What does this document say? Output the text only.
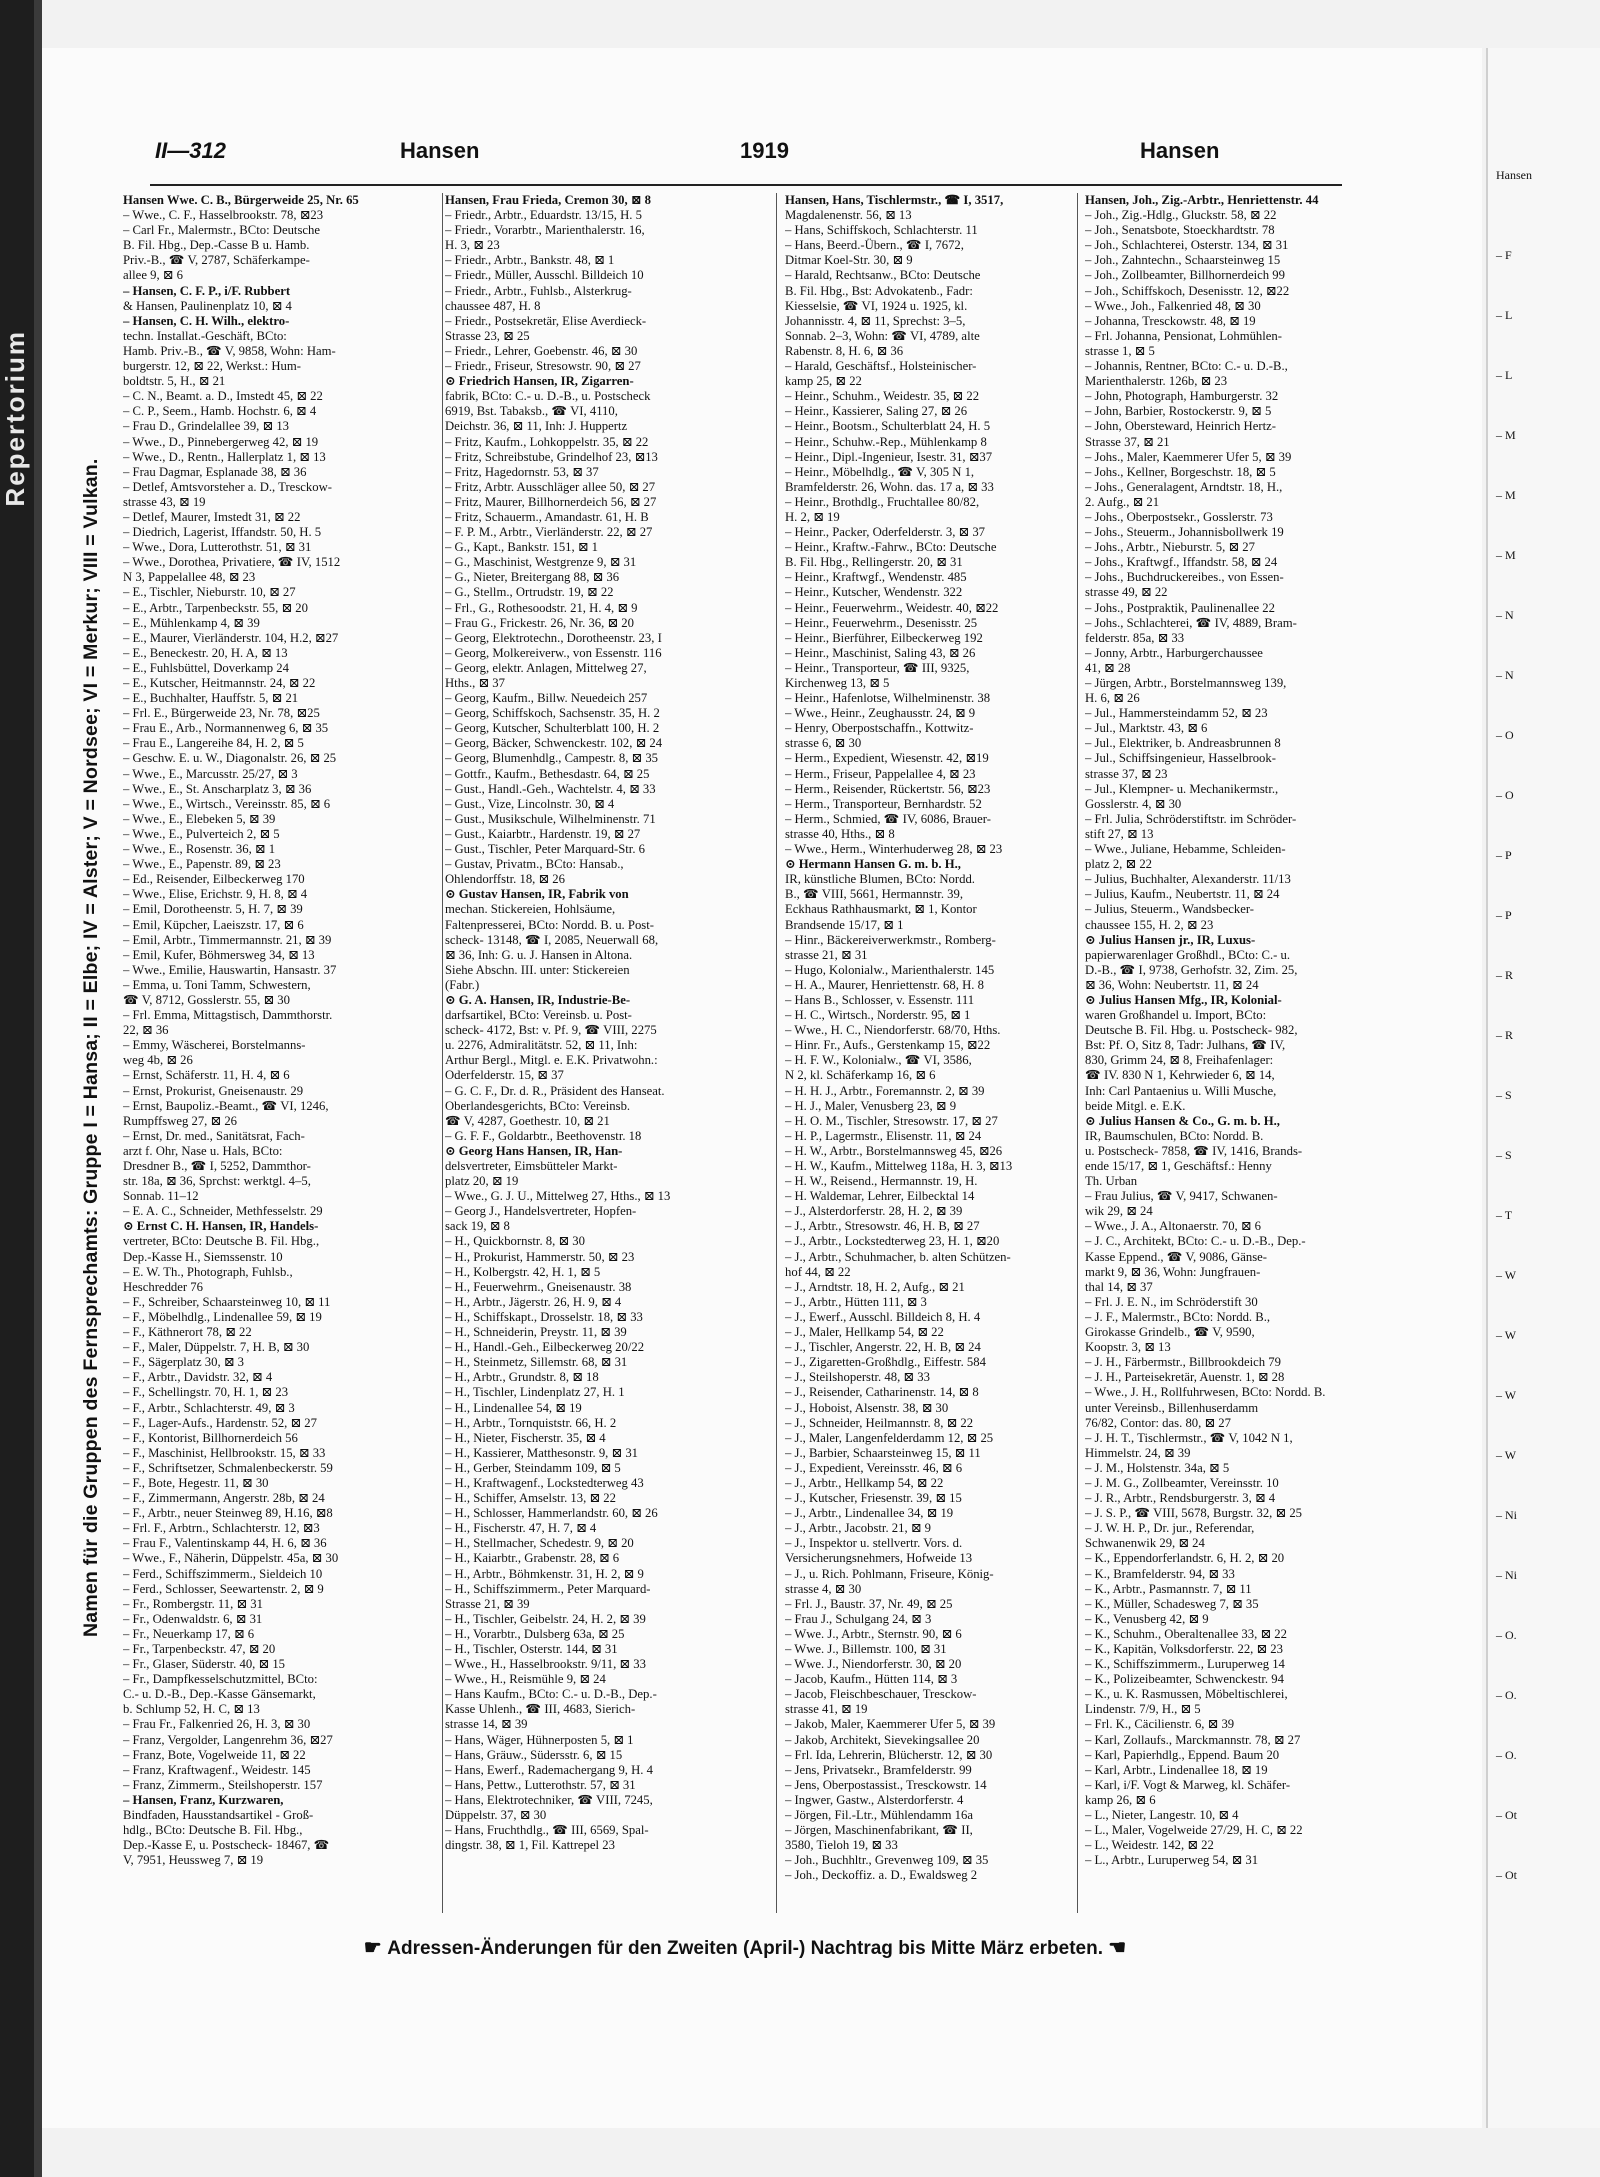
Hansen
– F
– L
– L
– M
– M
– M
– N
– N
– O
– O
– P
– P
– R
– R
– S
– S
– T
– W
– W
– W
– W
– Ni
– Ni
– O.
– O.
– O.
– Ot
– Ot
Repertorium
II—312	Hansen	1919	Hansen
Namen für die Gruppen des Fernsprechamts: Gruppe I = Hansa; II = Elbe; IV = Alster; V = Nordsee; VI = Merkur; VIII = Vulkan.
Hansen Wwe. C. B., Bürgerweide 25, Nr. 65
– Wwe., C. F., Hasselbrookstr. 78, ⊠23
– Carl Fr., Malermstr., BCto: Deutsche
B. Fil. Hbg., Dep.-Casse B u. Hamb.
Priv.-B., ☎ V, 2787, Schäferkampe-
allee 9, ⊠ 6
– Hansen, C. F. P., i/F. Rubbert
& Hansen, Paulinenplatz 10, ⊠ 4
– Hansen, C. H. Wilh., elektro-
techn. Installat.-Geschäft, BCto:
Hamb. Priv.-B., ☎ V, 9858, Wohn: Ham-
burgerstr. 12, ⊠ 22, Werkst.: Hum-
boldtstr. 5, H., ⊠ 21
– C. N., Beamt. a. D., Imstedt 45, ⊠ 22
– C. P., Seem., Hamb. Hochstr. 6, ⊠ 4
– Frau D., Grindelallee 39, ⊠ 13
– Wwe., D., Pinnebergerweg 42, ⊠ 19
– Wwe., D., Rentn., Hallerplatz 1, ⊠ 13
– Frau Dagmar, Esplanade 38, ⊠ 36
– Detlef, Amtsvorsteher a. D., Tresckow-
strasse 43, ⊠ 19
– Detlef, Maurer, Imstedt 31, ⊠ 22
– Diedrich, Lagerist, Iffandstr. 50, H. 5
– Wwe., Dora, Lutterothstr. 51, ⊠ 31
– Wwe., Dorothea, Privatiere, ☎ IV, 1512
N 3, Pappelallee 48, ⊠ 23
– E., Tischler, Nieburstr. 10, ⊠ 27
– E., Arbtr., Tarpenbeckstr. 55, ⊠ 20
– E., Mühlenkamp 4, ⊠ 39
– E., Maurer, Vierländerstr. 104, H.2, ⊠27
– E., Beneckestr. 20, H. A, ⊠ 13
– E., Fuhlsbüttel, Doverkamp 24
– E., Kutscher, Heitmannstr. 24, ⊠ 22
– E., Buchhalter, Hauffstr. 5, ⊠ 21
– Frl. E., Bürgerweide 23, Nr. 78, ⊠25
– Frau E., Arb., Normannenweg 6, ⊠ 35
– Frau E., Langereihe 84, H. 2, ⊠ 5
– Geschw. E. u. W., Diagonalstr. 26, ⊠ 25
– Wwe., E., Marcusstr. 25/27, ⊠ 3
– Wwe., E., St. Anscharplatz 3, ⊠ 36
– Wwe., E., Wirtsch., Vereinsstr. 85, ⊠ 6
– Wwe., E., Elebeken 5, ⊠ 39
– Wwe., E., Pulverteich 2, ⊠ 5
– Wwe., E., Rosenstr. 36, ⊠ 1
– Wwe., E., Papenstr. 89, ⊠ 23
– Ed., Reisender, Eilbeckerweg 170
– Wwe., Elise, Erichstr. 9, H. 8, ⊠ 4
– Emil, Dorotheenstr. 5, H. 7, ⊠ 39
– Emil, Küpcher, Laeiszstr. 17, ⊠ 6
– Emil, Arbtr., Timmermannstr. 21, ⊠ 39
– Emil, Kufer, Böhmersweg 34, ⊠ 13
– Wwe., Emilie, Hauswartin, Hansastr. 37
– Emma, u. Toni Tamm, Schwestern,
☎ V, 8712, Gosslerstr. 55, ⊠ 30
– Frl. Emma, Mittagstisch, Dammthorstr.
22, ⊠ 36
– Emmy, Wäscherei, Borstelmanns-
weg 4b, ⊠ 26
– Ernst, Schäferstr. 11, H. 4, ⊠ 6
– Ernst, Prokurist, Gneisenaustr. 29
– Ernst, Baupoliz.-Beamt., ☎ VI, 1246,
Rumpffsweg 27, ⊠ 26
– Ernst, Dr. med., Sanitätsrat, Fach-
arzt f. Ohr, Nase u. Hals, BCto:
Dresdner B., ☎ I, 5252, Dammthor-
str. 18a, ⊠ 36, Sprchst: werktgl. 4–5,
Sonnab. 11–12
– E. A. C., Schneider, Methfesselstr. 29
⊙ Ernst C. H. Hansen, IR, Handels-
vertreter, BCto: Deutsche B. Fil. Hbg.,
Dep.-Kasse H., Siemssenstr. 10
– E. W. Th., Photograph, Fuhlsb.,
Heschredder 76
– F., Schreiber, Schaarsteinweg 10, ⊠ 11
– F., Möbelhdlg., Lindenallee 59, ⊠ 19
– F., Käthnerort 78, ⊠ 22
– F., Maler, Düppelstr. 7, H. B, ⊠ 30
– F., Sägerplatz 30, ⊠ 3
– F., Arbtr., Davidstr. 32, ⊠ 4
– F., Schellingstr. 70, H. 1, ⊠ 23
– F., Arbtr., Schlachterstr. 49, ⊠ 3
– F., Lager-Aufs., Hardenstr. 52, ⊠ 27
– F., Kontorist, Billhornerdeich 56
– F., Maschinist, Hellbrookstr. 15, ⊠ 33
– F., Schriftsetzer, Schmalenbeckerstr. 59
– F., Bote, Hegestr. 11, ⊠ 30
– F., Zimmermann, Angerstr. 28b, ⊠ 24
– F., Arbtr., neuer Steinweg 89, H.16, ⊠8
– Frl. F., Arbtrn., Schlachterstr. 12, ⊠3
– Frau F., Valentinskamp 44, H. 6, ⊠ 36
– Wwe., F., Näherin, Düppelstr. 45a, ⊠ 30
– Ferd., Schiffszimmerm., Sieldeich 10
– Ferd., Schlosser, Seewartenstr. 2, ⊠ 9
– Fr., Rombergstr. 11, ⊠ 31
– Fr., Odenwaldstr. 6, ⊠ 31
– Fr., Neuerkamp 17, ⊠ 6
– Fr., Tarpenbeckstr. 47, ⊠ 20
– Fr., Glaser, Süderstr. 40, ⊠ 15
– Fr., Dampfkesselschutzmittel, BCto:
C.- u. D.-B., Dep.-Kasse Gänsemarkt,
b. Schlump 52, H. C, ⊠ 13
– Frau Fr., Falkenried 26, H. 3, ⊠ 30
– Franz, Vergolder, Langenrehm 36, ⊠27
– Franz, Bote, Vogelweide 11, ⊠ 22
– Franz, Kraftwagenf., Weidestr. 145
– Franz, Zimmerm., Steilshoperstr. 157
– Hansen, Franz, Kurzwaren,
Bindfaden, Hausstandsartikel - Groß-
hdlg., BCto: Deutsche B. Fil. Hbg.,
Dep.-Kasse E, u. Postscheck- 18467, ☎
V, 7951, Heussweg 7, ⊠ 19
Hansen, Frau Frieda, Cremon 30, ⊠ 8
– Friedr., Arbtr., Eduardstr. 13/15, H. 5
– Friedr., Vorarbtr., Marienthalerstr. 16,
H. 3, ⊠ 23
– Friedr., Arbtr., Bankstr. 48, ⊠ 1
– Friedr., Müller, Ausschl. Billdeich 10
– Friedr., Arbtr., Fuhlsb., Alsterkrug-
chaussee 487, H. 8
– Friedr., Postsekretär, Elise Averdieck-
Strasse 23, ⊠ 25
– Friedr., Lehrer, Goebenstr. 46, ⊠ 30
– Friedr., Friseur, Stresowstr. 90, ⊠ 27
⊙ Friedrich Hansen, IR, Zigarren-
fabrik, BCto: C.- u. D.-B., u. Postscheck
6919, Bst. Tabaksb., ☎ VI, 4110,
Deichstr. 36, ⊠ 11, Inh: J. Huppertz
– Fritz, Kaufm., Lohkoppelstr. 35, ⊠ 22
– Fritz, Schreibstube, Grindelhof 23, ⊠13
– Fritz, Hagedornstr. 53, ⊠ 37
– Fritz, Arbtr. Ausschläger allee 50, ⊠ 27
– Fritz, Maurer, Billhornerdeich 56, ⊠ 27
– Fritz, Schauerm., Amandastr. 61, H. B
– F. P. M., Arbtr., Vierländerstr. 22, ⊠ 27
– G., Kapt., Bankstr. 151, ⊠ 1
– G., Maschinist, Westgrenze 9, ⊠ 31
– G., Nieter, Breitergang 88, ⊠ 36
– G., Stellm., Ortrudstr. 19, ⊠ 22
– Frl., G., Rothesoodstr. 21, H. 4, ⊠ 9
– Frau G., Frickestr. 26, Nr. 36, ⊠ 20
– Georg, Elektrotechn., Dorotheenstr. 23, I
– Georg, Molkereiverw., von Essenstr. 116
– Georg, elektr. Anlagen, Mittelweg 27,
Hths., ⊠ 37
– Georg, Kaufm., Billw. Neuedeich 257
– Georg, Schiffskoch, Sachsenstr. 35, H. 2
– Georg, Kutscher, Schulterblatt 100, H. 2
– Georg, Bäcker, Schwenckestr. 102, ⊠ 24
– Georg, Blumenhdlg., Campestr. 8, ⊠ 35
– Gottfr., Kaufm., Bethesdastr. 64, ⊠ 25
– Gust., Handl.-Geh., Wachtelstr. 4, ⊠ 33
– Gust., Vize, Lincolnstr. 30, ⊠ 4
– Gust., Musikschule, Wilhelminenstr. 71
– Gust., Kaiarbtr., Hardenstr. 19, ⊠ 27
– Gust., Tischler, Peter Marquard-Str. 6
– Gustav, Privatm., BCto: Hansab.,
Ohlendorffstr. 18, ⊠ 26
⊙ Gustav Hansen, IR, Fabrik von
mechan. Stickereien, Hohlsäume,
Faltenpresserei, BCto: Nordd. B. u. Post-
scheck- 13148, ☎ I, 2085, Neuerwall 68,
⊠ 36, Inh: G. u. J. Hansen in Altona.
Siehe Abschn. III. unter: Stickereien
(Fabr.)
⊙ G. A. Hansen, IR, Industrie-Be-
darfsartikel, BCto: Vereinsb. u. Post-
scheck- 4172, Bst: v. Pf. 9, ☎ VIII, 2275
u. 2276, Admiralitätstr. 52, ⊠ 11, Inh:
Arthur Bergl., Mitgl. e. E.K. Privatwohn.:
Oderfelderstr. 15, ⊠ 37
– G. C. F., Dr. d. R., Präsident des Hanseat.
Oberlandesgerichts, BCto: Vereinsb.
☎ V, 4287, Goethestr. 10, ⊠ 21
– G. F. F., Goldarbtr., Beethovenstr. 18
⊙ Georg Hans Hansen, IR, Han-
delsvertreter, Eimsbütteler Markt-
platz 20, ⊠ 19
– Wwe., G. J. U., Mittelweg 27, Hths., ⊠ 13
– Georg J., Handelsvertreter, Hopfen-
sack 19, ⊠ 8
– H., Quickbornstr. 8, ⊠ 30
– H., Prokurist, Hammerstr. 50, ⊠ 23
– H., Kolbergstr. 42, H. 1, ⊠ 5
– H., Feuerwehrm., Gneisenaustr. 38
– H., Arbtr., Jägerstr. 26, H. 9, ⊠ 4
– H., Schiffskapt., Drosselstr. 18, ⊠ 33
– H., Schneiderin, Preystr. 11, ⊠ 39
– H., Handl.-Geh., Eilbeckerweg 20/22
– H., Steinmetz, Sillemstr. 68, ⊠ 31
– H., Arbtr., Grundstr. 8, ⊠ 18
– H., Tischler, Lindenplatz 27, H. 1
– H., Lindenallee 54, ⊠ 19
– H., Arbtr., Tornquiststr. 66, H. 2
– H., Nieter, Fischerstr. 35, ⊠ 4
– H., Kassierer, Matthesonstr. 9, ⊠ 31
– H., Gerber, Steindamm 109, ⊠ 5
– H., Kraftwagenf., Lockstedterweg 43
– H., Schiffer, Amselstr. 13, ⊠ 22
– H., Schlosser, Hammerlandstr. 60, ⊠ 26
– H., Fischerstr. 47, H. 7, ⊠ 4
– H., Stellmacher, Schedestr. 9, ⊠ 20
– H., Kaiarbtr., Grabenstr. 28, ⊠ 6
– H., Arbtr., Böhmkenstr. 31, H. 2, ⊠ 9
– H., Schiffszimmerm., Peter Marquard-
Strasse 21, ⊠ 39
– H., Tischler, Geibelstr. 24, H. 2, ⊠ 39
– H., Vorarbtr., Dulsberg 63a, ⊠ 25
– H., Tischler, Osterstr. 144, ⊠ 31
– Wwe., H., Hasselbrookstr. 9/11, ⊠ 33
– Wwe., H., Reismühle 9, ⊠ 24
– Hans Kaufm., BCto: C.- u. D.-B., Dep.-
Kasse Uhlenh., ☎ III, 4683, Sierich-
strasse 14, ⊠ 39
– Hans, Wäger, Hühnerposten 5, ⊠ 1
– Hans, Gräuw., Südersstr. 6, ⊠ 15
– Hans, Ewerf., Rademachergang 9, H. 4
– Hans, Pettw., Lutterothstr. 57, ⊠ 31
– Hans, Elektrotechniker, ☎ VIII, 7245,
Düppelstr. 37, ⊠ 30
– Hans, Fruchthdlg., ☎ III, 6569, Spal-
dingstr. 38, ⊠ 1, Fil. Kattrepel 23
Hansen, Hans, Tischlermstr., ☎ I, 3517,
Magdalenenstr. 56, ⊠ 13
– Hans, Schiffskoch, Schlachterstr. 11
– Hans, Beerd.-Übern., ☎ I, 7672,
Ditmar Koel-Str. 30, ⊠ 9
– Harald, Rechtsanw., BCto: Deutsche
B. Fil. Hbg., Bst: Advokatenb., Fadr:
Kiesselsie, ☎ VI, 1924 u. 1925, kl.
Johannisstr. 4, ⊠ 11, Sprechst: 3–5,
Sonnab. 2–3, Wohn: ☎ VI, 4789, alte
Rabenstr. 8, H. 6, ⊠ 36
– Harald, Geschäftsf., Holsteinischer-
kamp 25, ⊠ 22
– Heinr., Schuhm., Weidestr. 35, ⊠ 22
– Heinr., Kassierer, Saling 27, ⊠ 26
– Heinr., Bootsm., Schulterblatt 24, H. 5
– Heinr., Schuhw.-Rep., Mühlenkamp 8
– Heinr., Dipl.-Ingenieur, Isestr. 31, ⊠37
– Heinr., Möbelhdlg., ☎ V, 305 N 1,
Bramfelderstr. 26, Wohn. das. 17 a, ⊠ 33
– Heinr., Brothdlg., Fruchtallee 80/82,
H. 2, ⊠ 19
– Heinr., Packer, Oderfelderstr. 3, ⊠ 37
– Heinr., Kraftw.-Fahrw., BCto: Deutsche
B. Fil. Hbg., Rellingerstr. 20, ⊠ 31
– Heinr., Kraftwgf., Wendenstr. 485
– Heinr., Kutscher, Wendenstr. 322
– Heinr., Feuerwehrm., Weidestr. 40, ⊠22
– Heinr., Feuerwehrm., Desenisstr. 25
– Heinr., Bierführer, Eilbeckerweg 192
– Heinr., Maschinist, Saling 43, ⊠ 26
– Heinr., Transporteur, ☎ III, 9325,
Kirchenweg 13, ⊠ 5
– Heinr., Hafenlotse, Wilhelminenstr. 38
– Wwe., Heinr., Zeughausstr. 24, ⊠ 9
– Henry, Oberpostschaffn., Kottwitz-
strasse 6, ⊠ 30
– Herm., Expedient, Wiesenstr. 42, ⊠19
– Herm., Friseur, Pappelallee 4, ⊠ 23
– Herm., Reisender, Rückertstr. 56, ⊠23
– Herm., Transporteur, Bernhardstr. 52
– Herm., Schmied, ☎ IV, 6086, Brauer-
strasse 40, Hths., ⊠ 8
– Wwe., Herm., Winterhuderweg 28, ⊠ 23
⊙ Hermann Hansen G. m. b. H.,
IR, künstliche Blumen, BCto: Nordd.
B., ☎ VIII, 5661, Hermannstr. 39,
Eckhaus Rathhausmarkt, ⊠ 1, Kontor
Brandsende 15/17, ⊠ 1
– Hinr., Bäckereiverwerkmstr., Romberg-
strasse 21, ⊠ 31
– Hugo, Kolonialw., Marienthalerstr. 145
– H. A., Maurer, Henriettenstr. 68, H. 8
– Hans B., Schlosser, v. Essenstr. 111
– H. C., Wirtsch., Norderstr. 95, ⊠ 1
– Wwe., H. C., Niendorferstr. 68/70, Hths.
– Hinr. Fr., Aufs., Gerstenkamp 15, ⊠22
– H. F. W., Kolonialw., ☎ VI, 3586,
N 2, kl. Schäferkamp 16, ⊠ 6
– H. H. J., Arbtr., Foremannstr. 2, ⊠ 39
– H. J., Maler, Venusberg 23, ⊠ 9
– H. O. M., Tischler, Stresowstr. 17, ⊠ 27
– H. P., Lagermstr., Elisenstr. 11, ⊠ 24
– H. W., Arbtr., Borstelmannsweg 45, ⊠26
– H. W., Kaufm., Mittelweg 118a, H. 3, ⊠13
– H. W., Reisend., Hermannstr. 19, H.
– H. Waldemar, Lehrer, Eilbecktal 14
– J., Alsterdorferstr. 28, H. 2, ⊠ 39
– J., Arbtr., Stresowstr. 46, H. B, ⊠ 27
– J., Arbtr., Lockstedterweg 23, H. 1, ⊠20
– J., Arbtr., Schuhmacher, b. alten Schützen-
hof 44, ⊠ 22
– J., Arndtstr. 18, H. 2, Aufg., ⊠ 21
– J., Arbtr., Hütten 111, ⊠ 3
– J., Ewerf., Ausschl. Billdeich 8, H. 4
– J., Maler, Hellkamp 54, ⊠ 22
– J., Tischler, Angerstr. 22, H. B, ⊠ 24
– J., Zigaretten-Großhdlg., Eiffestr. 584
– J., Steilshoperstr. 48, ⊠ 33
– J., Reisender, Catharinenstr. 14, ⊠ 8
– J., Hoboist, Alsenstr. 38, ⊠ 30
– J., Schneider, Heilmannstr. 8, ⊠ 22
– J., Maler, Langenfelderdamm 12, ⊠ 25
– J., Barbier, Schaarsteinweg 15, ⊠ 11
– J., Expedient, Vereinsstr. 46, ⊠ 6
– J., Arbtr., Hellkamp 54, ⊠ 22
– J., Kutscher, Friesenstr. 39, ⊠ 15
– J., Arbtr., Lindenallee 34, ⊠ 19
– J., Arbtr., Jacobstr. 21, ⊠ 9
– J., Inspektor u. stellvertr. Vors. d.
Versicherungsnehmers, Hofweide 13
– J., u. Rich. Pohlmann, Friseure, König-
strasse 4, ⊠ 30
– Frl. J., Baustr. 37, Nr. 49, ⊠ 25
– Frau J., Schulgang 24, ⊠ 3
– Wwe. J., Arbtr., Sternstr. 90, ⊠ 6
– Wwe. J., Billemstr. 100, ⊠ 31
– Wwe. J., Niendorferstr. 30, ⊠ 20
– Jacob, Kaufm., Hütten 114, ⊠ 3
– Jacob, Fleischbeschauer, Tresckow-
strasse 41, ⊠ 19
– Jakob, Maler, Kaemmerer Ufer 5, ⊠ 39
– Jakob, Architekt, Sievekingsallee 20
– Frl. Ida, Lehrerin, Blücherstr. 12, ⊠ 30
– Jens, Privatsekr., Bramfelderstr. 99
– Jens, Oberpostassist., Tresckowstr. 14
– Ingwer, Gastw., Alsterdorferstr. 4
– Jörgen, Fil.-Ltr., Mühlendamm 16a
– Jörgen, Maschinenfabrikant, ☎ II,
3580, Tieloh 19, ⊠ 33
– Joh., Buchhltr., Grevenweg 109, ⊠ 35
– Joh., Deckoffiz. a. D., Ewaldsweg 2
Hansen, Joh., Zig.-Arbtr., Henriettenstr. 44
– Joh., Zig.-Hdlg., Gluckstr. 58, ⊠ 22
– Joh., Senatsbote, Stoeckhardtstr. 78
– Joh., Schlachterei, Osterstr. 134, ⊠ 31
– Joh., Zahntechn., Schaarsteinweg 15
– Joh., Zollbeamter, Billhornerdeich 99
– Joh., Schiffskoch, Desenisstr. 12, ⊠22
– Wwe., Joh., Falkenried 48, ⊠ 30
– Johanna, Tresckowstr. 48, ⊠ 19
– Frl. Johanna, Pensionat, Lohmühlen-
strasse 1, ⊠ 5
– Johannis, Rentner, BCto: C.- u. D.-B.,
Marienthalerstr. 126b, ⊠ 23
– John, Photograph, Hamburgerstr. 32
– John, Barbier, Rostockerstr. 9, ⊠ 5
– John, Obersteward, Heinrich Hertz-
Strasse 37, ⊠ 21
– Johs., Maler, Kaemmerer Ufer 5, ⊠ 39
– Johs., Kellner, Borgeschstr. 18, ⊠ 5
– Johs., Generalagent, Arndtstr. 18, H.,
2. Aufg., ⊠ 21
– Johs., Oberpostsekr., Gosslerstr. 73
– Johs., Steuerm., Johannisbollwerk 19
– Johs., Arbtr., Nieburstr. 5, ⊠ 27
– Johs., Kraftwgf., Iffandstr. 58, ⊠ 24
– Johs., Buchdruckereibes., von Essen-
strasse 49, ⊠ 22
– Johs., Postpraktik, Paulinenallee 22
– Johs., Schlachterei, ☎ IV, 4889, Bram-
felderstr. 85a, ⊠ 33
– Jonny, Arbtr., Harburgerchaussee
41, ⊠ 28
– Jürgen, Arbtr., Borstelmannsweg 139,
H. 6, ⊠ 26
– Jul., Hammersteindamm 52, ⊠ 23
– Jul., Marktstr. 43, ⊠ 6
– Jul., Elektriker, b. Andreasbrunnen 8
– Jul., Schiffsingenieur, Hasselbrook-
strasse 37, ⊠ 23
– Jul., Klempner- u. Mechanikermstr.,
Gosslerstr. 4, ⊠ 30
– Frl. Julia, Schröderstiftstr. im Schröder-
stift 27, ⊠ 13
– Wwe., Juliane, Hebamme, Schleiden-
platz 2, ⊠ 22
– Julius, Buchhalter, Alexanderstr. 11/13
– Julius, Kaufm., Neubertstr. 11, ⊠ 24
– Julius, Steuerm., Wandsbecker-
chaussee 155, H. 2, ⊠ 23
⊙ Julius Hansen jr., IR, Luxus-
papierwarenlager Großhdl., BCto: C.- u.
D.-B., ☎ I, 9738, Gerhofstr. 32, Zim. 25,
⊠ 36, Wohn: Neubertstr. 11, ⊠ 24
⊙ Julius Hansen Mfg., IR, Kolonial-
waren Großhandel u. Import, BCto:
Deutsche B. Fil. Hbg. u. Postscheck- 982,
Bst: Pf. O, Sitz 8, Tadr: Julhans, ☎ IV,
830, Grimm 24, ⊠ 8, Freihafenlager:
☎ IV. 830 N 1, Kehrwieder 6, ⊠ 14,
Inh: Carl Pantaenius u. Willi Musche,
beide Mitgl. e. E.K.
⊙ Julius Hansen & Co., G. m. b. H.,
IR, Baumschulen, BCto: Nordd. B.
u. Postscheck- 7858, ☎ IV, 1416, Brands-
ende 15/17, ⊠ 1, Geschäftsf.: Henny
Th. Urban
– Frau Julius, ☎ V, 9417, Schwanen-
wik 29, ⊠ 24
– Wwe., J. A., Altonaerstr. 70, ⊠ 6
– J. C., Architekt, BCto: C.- u. D.-B., Dep.-
Kasse Eppend., ☎ V, 9086, Gänse-
markt 9, ⊠ 36, Wohn: Jungfrauen-
thal 14, ⊠ 37
– Frl. J. E. N., im Schröderstift 30
– J. F., Malermstr., BCto: Nordd. B.,
Girokasse Grindelb., ☎ V, 9590,
Koopstr. 3, ⊠ 13
– J. H., Färbermstr., Billbrookdeich 79
– J. H., Parteisekretär, Auenstr. 1, ⊠ 28
– Wwe., J. H., Rollfuhrwesen, BCto: Nordd. B.
unter Vereinsb., Billenhuserdamm
76/82, Contor: das. 80, ⊠ 27
– J. H. T., Tischlermstr., ☎ V, 1042 N 1,
Himmelstr. 24, ⊠ 39
– J. M., Holstenstr. 34a, ⊠ 5
– J. M. G., Zollbeamter, Vereinsstr. 10
– J. R., Arbtr., Rendsburgerstr. 3, ⊠ 4
– J. S. P., ☎ VIII, 5678, Burgstr. 32, ⊠ 25
– J. W. H. P., Dr. jur., Referendar,
Schwanenwik 29, ⊠ 24
– K., Eppendorferlandstr. 6, H. 2, ⊠ 20
– K., Bramfelderstr. 94, ⊠ 33
– K., Arbtr., Pasmannstr. 7, ⊠ 11
– K., Müller, Schadesweg 7, ⊠ 35
– K., Venusberg 42, ⊠ 9
– K., Schuhm., Oberaltenallee 33, ⊠ 22
– K., Kapitän, Volksdorferstr. 22, ⊠ 23
– K., Schiffszimmerm., Luruperweg 14
– K., Polizeibeamter, Schwenckestr. 94
– K., u. K. Rasmussen, Möbeltischlerei,
Lindenstr. 7/9, H., ⊠ 5
– Frl. K., Cäcilienstr. 6, ⊠ 39
– Karl, Zollaufs., Marckmannstr. 78, ⊠ 27
– Karl, Papierhdlg., Eppend. Baum 20
– Karl, Arbtr., Lindenallee 18, ⊠ 19
– Karl, i/F. Vogt & Marweg, kl. Schäfer-
kamp 26, ⊠ 6
– L., Nieter, Langestr. 10, ⊠ 4
– L., Maler, Vogelweide 27/29, H. C, ⊠ 22
– L., Weidestr. 142, ⊠ 22
– L., Arbtr., Luruperweg 54, ⊠ 31
☛ Adressen-Änderungen für den Zweiten (April-) Nachtrag bis Mitte März erbeten. ☚
